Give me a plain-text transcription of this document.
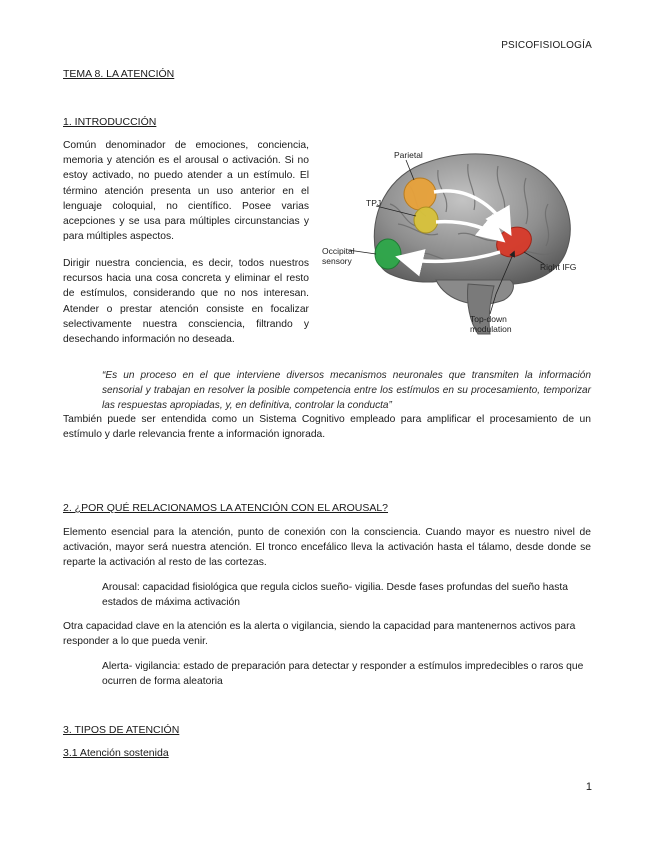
PSICOFISIOLOGÍA
TEMA 8. LA ATENCIÓN
1. INTRODUCCIÓN

Común denominador de emociones, conciencia, memoria y atención es el arousal o activación. Si no estoy activado, no puedo atender a un estímulo. El término atención presenta un uso anterior en el lenguaje coloquial, no científico. Posee varias acepciones y se usa para múltiples circunstancias y para múltiples aspectos.

Dirigir nuestra conciencia, es decir, todos nuestros recursos hacia una cosa concreta y eliminar el resto de estímulos, considerando que no nos interesan. Atender o prestar atención consiste en focalizar selectivamente nuestra consciencia, filtrando y desechando información no deseada.

Parietal
TPJ
Occipital
sensory
Right IFG
Top-down
modulation

“Es un proceso en el que interviene diversos mecanismos neuronales que transmiten la información sensorial y trabajan en resolver la posible competencia entre los estímulos en su procesamiento, temporizar las respuestas apropiadas, y, en definitiva, controlar la conducta”

También puede ser entendida como un Sistema Cognitivo empleado para amplificar el procesamiento de un estímulo y darle relevancia frente a información ignorada.

2. ¿POR QUÉ RELACIONAMOS LA ATENCIÓN CON EL AROUSAL?

Elemento esencial para la atención, punto de conexión con la consciencia. Cuando mayor es nuestro nivel de activación, mayor será nuestra atención. El tronco encefálico lleva la activación hasta el tálamo, desde donde se reparte la activación al resto de las cortezas.

Arousal: capacidad fisiológica que regula ciclos sueño- vigilia. Desde fases profundas del sueño hasta estados de máxima activación

Otra capacidad clave en la atención es la alerta o vigilancia, siendo la capacidad para mantenernos activos para responder a lo que pueda venir.

Alerta- vigilancia: estado de preparación para detectar y responder a estímulos impredecibles o raros que ocurren de forma aleatoria

3. TIPOS DE ATENCIÓN
3.1 Atención sostenida
1
